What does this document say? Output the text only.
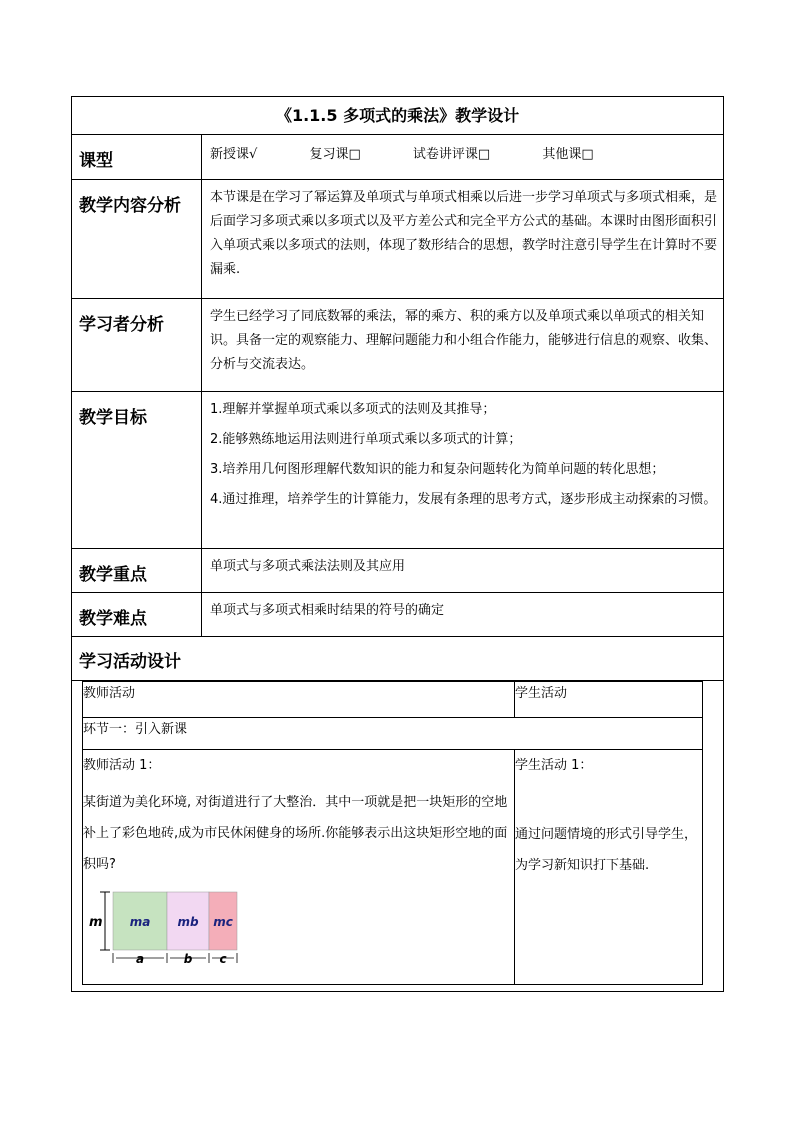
《1.1.5 多项式的乘法》教学设计
课型	新授课√	复习课□	试卷讲评课□	其他课□
教学内容分析	本节课是在学习了幂运算及单项式与单项式相乘以后进一步学习单项式与多项式相乘，是后面学习多项式乘以多项式以及平方差公式和完全平方公式的基础。本课时由图形面积引入单项式乘以多项式的法则，体现了数形结合的思想，教学时注意引导学生在计算时不要漏乘.
学习者分析	学生已经学习了同底数幂的乘法，幂的乘方、积的乘方以及单项式乘以单项式的相关知识。具备一定的观察能力、理解问题能力和小组合作能力，能够进行信息的观察、收集、分析与交流表达。
教学目标	1.理解并掌握单项式乘以多项式的法则及其推导；
2.能够熟练地运用法则进行单项式乘以多项式的计算；
3.培养用几何图形理解代数知识的能力和复杂问题转化为简单问题的转化思想；
4.通过推理，培养学生的计算能力，发展有条理的思考方式，逐步形成主动探索的习惯。

教学重点	单项式与多项式乘法法则及其应用
教学难点	单项式与多项式相乘时结果的符号的确定
学习活动设计

教师活动	学生活动
环节一：引入新课

教师活动 1：

某街道为美化环境, 对街道进行了大整治．其中一项就是把一块矩形的空地补上了彩色地砖,成为市民休闲健身的场所.你能够表示出这块矩形空地的面积吗?

m ma
a
mb
b
mc
c

学生活动 1：

通过问题情境的形式引导学生，为学习新知识打下基础.
